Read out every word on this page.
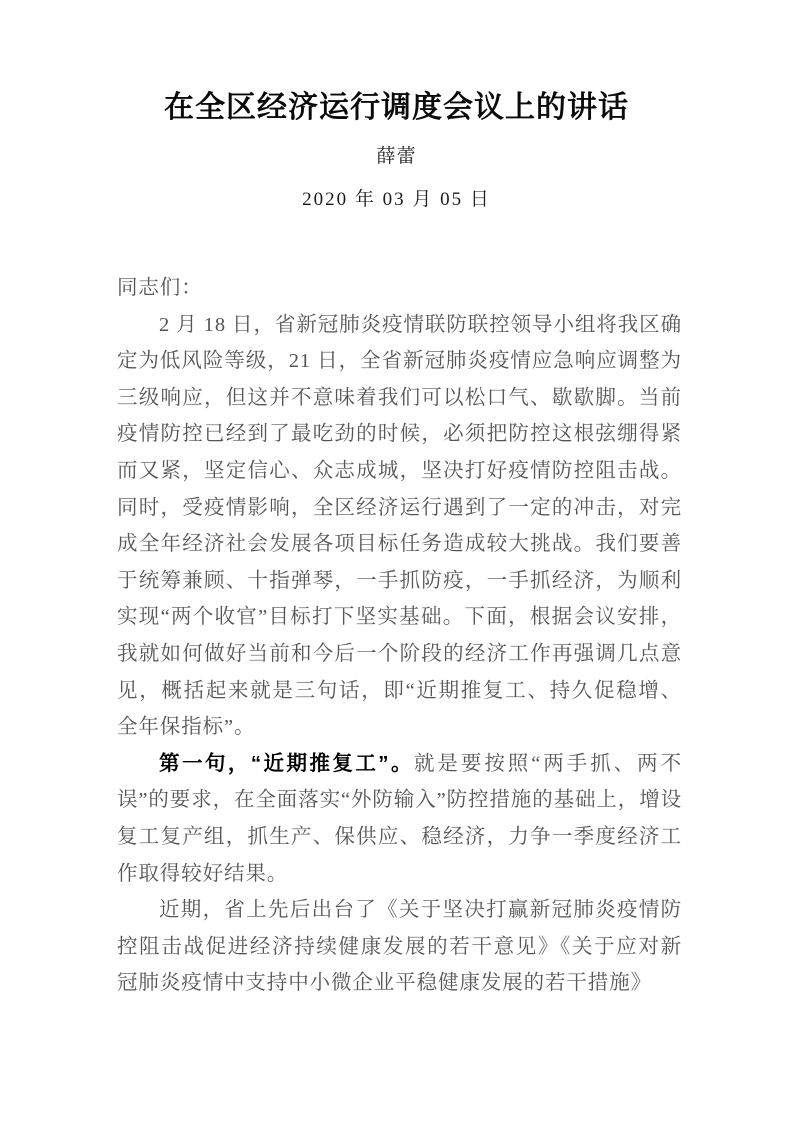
在全区经济运行调度会议上的讲话
薛蕾
2020 年 03 月 05 日

同志们：

2 月 18 日，省新冠肺炎疫情联防联控领导小组将我区确定为低风险等级，21 日，全省新冠肺炎疫情应急响应调整为三级响应，但这并不意味着我们可以松口气、歇歇脚。当前疫情防控已经到了最吃劲的时候，必须把防控这根弦绷得紧而又紧，坚定信心、众志成城，坚决打好疫情防控阻击战。同时，受疫情影响，全区经济运行遇到了一定的冲击，对完成全年经济社会发展各项目标任务造成较大挑战。我们要善于统筹兼顾、十指弹琴，一手抓防疫，一手抓经济，为顺利实现“两个收官”目标打下坚实基础。下面，根据会议安排，我就如何做好当前和今后一个阶段的经济工作再强调几点意见，概括起来就是三句话，即“近期推复工、持久促稳增、全年保指标”。

第一句，“近期推复工”。就是要按照“两手抓、两不误”的要求，在全面落实“外防输入”防控措施的基础上，增设复工复产组，抓生产、保供应、稳经济，力争一季度经济工作取得较好结果。

近期，省上先后出台了《关于坚决打赢新冠肺炎疫情防控阻击战促进经济持续健康发展的若干意见》《关于应对新冠肺炎疫情中支持中小微企业平稳健康发展的若干措施》
